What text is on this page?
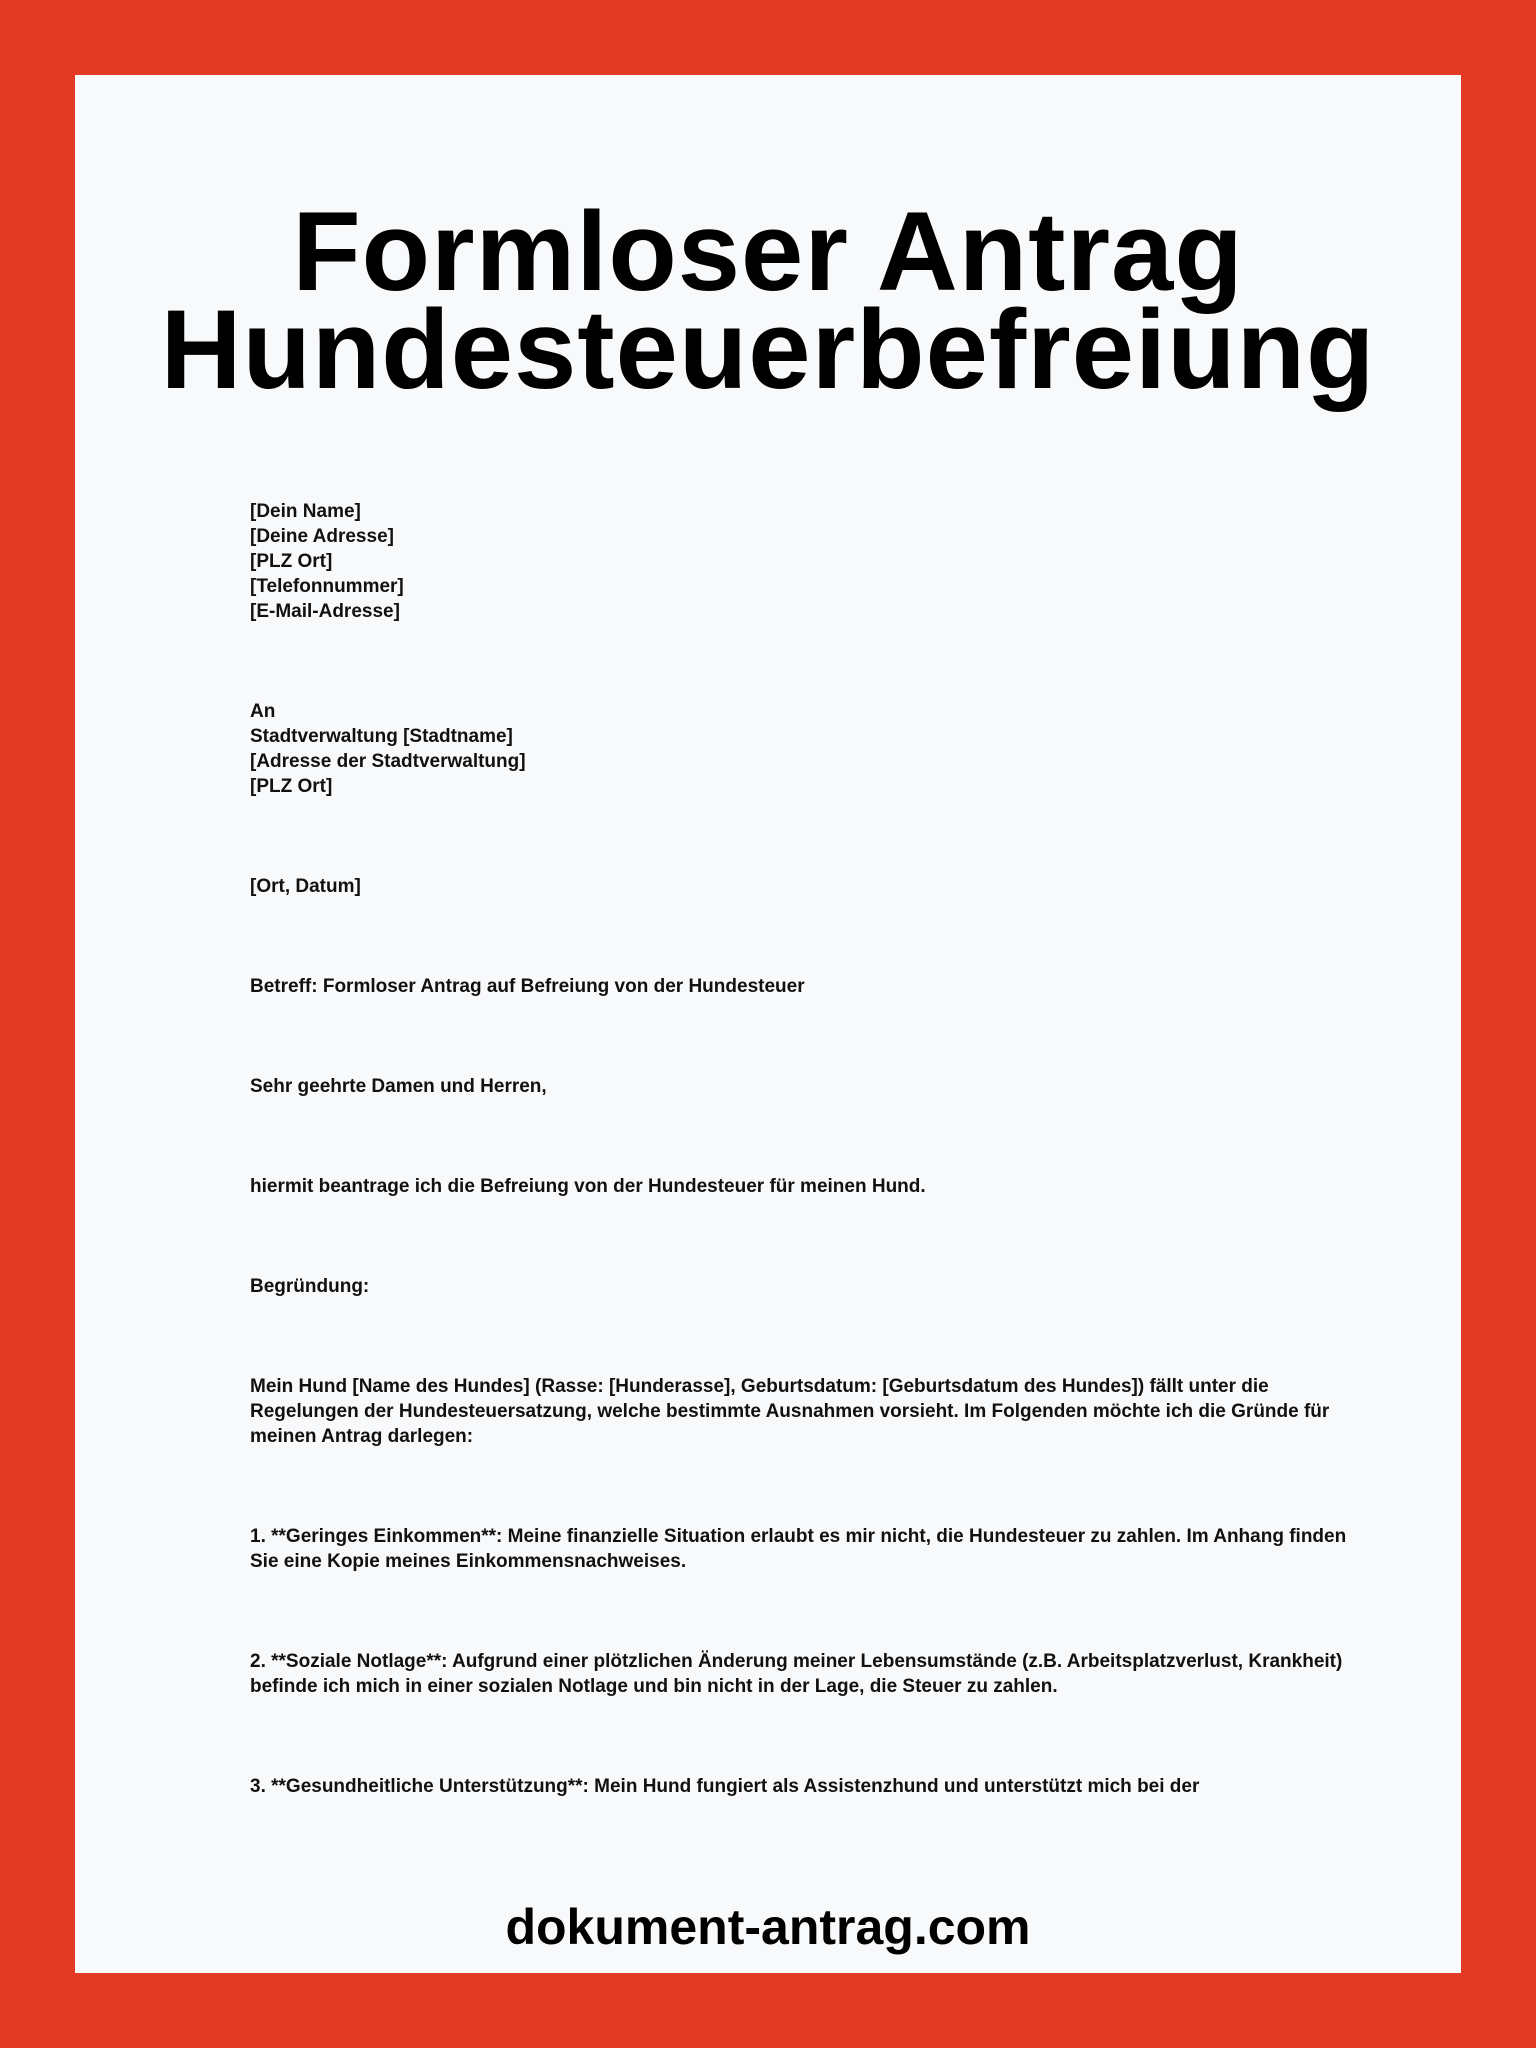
Formloser Antrag
Hundesteuerbefreiung
[Dein Name]
[Deine Adresse]
[PLZ Ort]
[Telefonnummer]
[E-Mail-Adresse]
An
Stadtverwaltung [Stadtname]
[Adresse der Stadtverwaltung]
[PLZ Ort]

[Ort, Datum]

Betreff: Formloser Antrag auf Befreiung von der Hundesteuer

Sehr geehrte Damen und Herren,

hiermit beantrage ich die Befreiung von der Hundesteuer für meinen Hund.

Begründung:

Mein Hund [Name des Hundes] (Rasse: [Hunderasse], Geburtsdatum: [Geburtsdatum des Hundes]) fällt unter die Regelungen der Hundesteuersatzung, welche bestimmte Ausnahmen vorsieht. Im Folgenden möchte ich die Gründe für meinen Antrag darlegen:

1. **Geringes Einkommen**: Meine finanzielle Situation erlaubt es mir nicht, die Hundesteuer zu zahlen. Im Anhang finden Sie eine Kopie meines Einkommensnachweises.

2. **Soziale Notlage**: Aufgrund einer plötzlichen Änderung meiner Lebensumstände (z.B. Arbeitsplatzverlust, Krankheit) befinde ich mich in einer sozialen Notlage und bin nicht in der Lage, die Steuer zu zahlen.

3. **Gesundheitliche Unterstützung**: Mein Hund fungiert als Assistenzhund und unterstützt mich bei der

dokument-antrag.com
